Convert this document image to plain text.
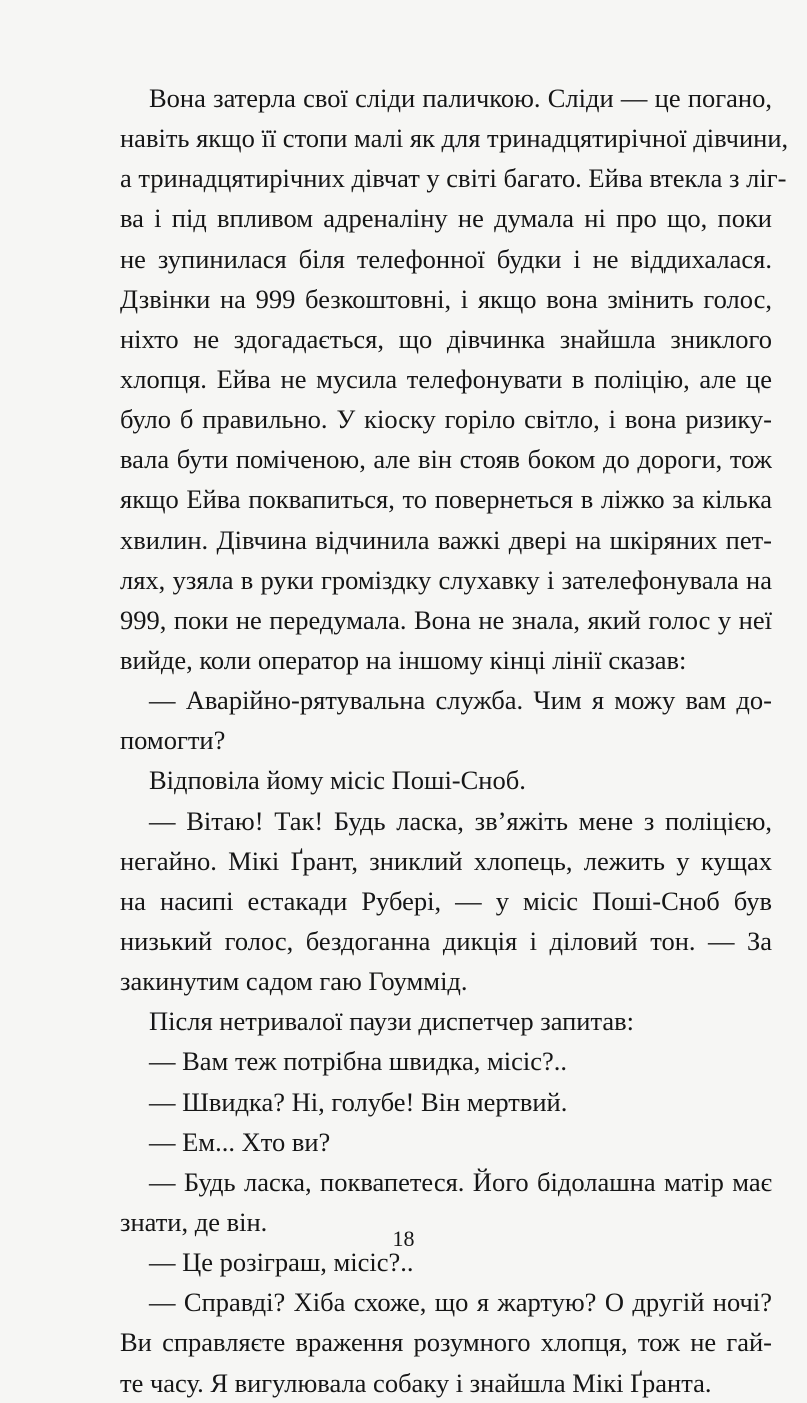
Вона затерла свої сліди паличкою. Сліди — це погано,
навіть якщо її стопи малі як для тринадцятирічної дівчини,
а тринадцятирічних дівчат у світі багато. Ейва втекла з ліг-
ва і під впливом адреналіну не думала ні про що, поки
не зупинилася біля телефонної будки і не віддихалася.
Дзвінки на 999 безкоштовні, і якщо вона змінить голос,
ніхто не здогадається, що дівчинка знайшла зниклого
хлопця. Ейва не мусила телефонувати в поліцію, але це
було б правильно. У кіоску горіло світло, і вона ризику-
вала бути поміченою, але він стояв боком до дороги, тож
якщо Ейва поквапиться, то повернеться в ліжко за кілька
хвилин. Дівчина відчинила важкі двері на шкіряних пет-
лях, узяла в руки громіздку слухавку і зателефонувала на
999, поки не передумала. Вона не знала, який голос у неї
вийде, коли оператор на іншому кінці лінії сказав:
— Аварійно-рятувальна служба. Чим я можу вам до-
помогти?
Відповіла йому місіс Поші-Сноб.
— Вітаю! Так! Будь ласка, зв’яжіть мене з поліцією,
негайно. Мікі Ґрант, зниклий хлопець, лежить у кущах
на насипі естакади Рубері, — у місіс Поші-Сноб був
низький голос, бездоганна дикція і діловий тон. — За
закинутим садом гаю Гоуммід.
Після нетривалої паузи диспетчер запитав:
— Вам теж потрібна швидка, місіс?..
— Швидка? Ні, голубе! Він мертвий.
— Ем... Хто ви?
— Будь ласка, поквапетеся. Його бідолашна матір має
знати, де він.
— Це розіграш, місіс?..
— Справді? Хіба схоже, що я жартую? О другій ночі?
Ви справляєте враження розумного хлопця, тож не гай-
те часу. Я вигулювала собаку і знайшла Мікі Ґранта.
18
